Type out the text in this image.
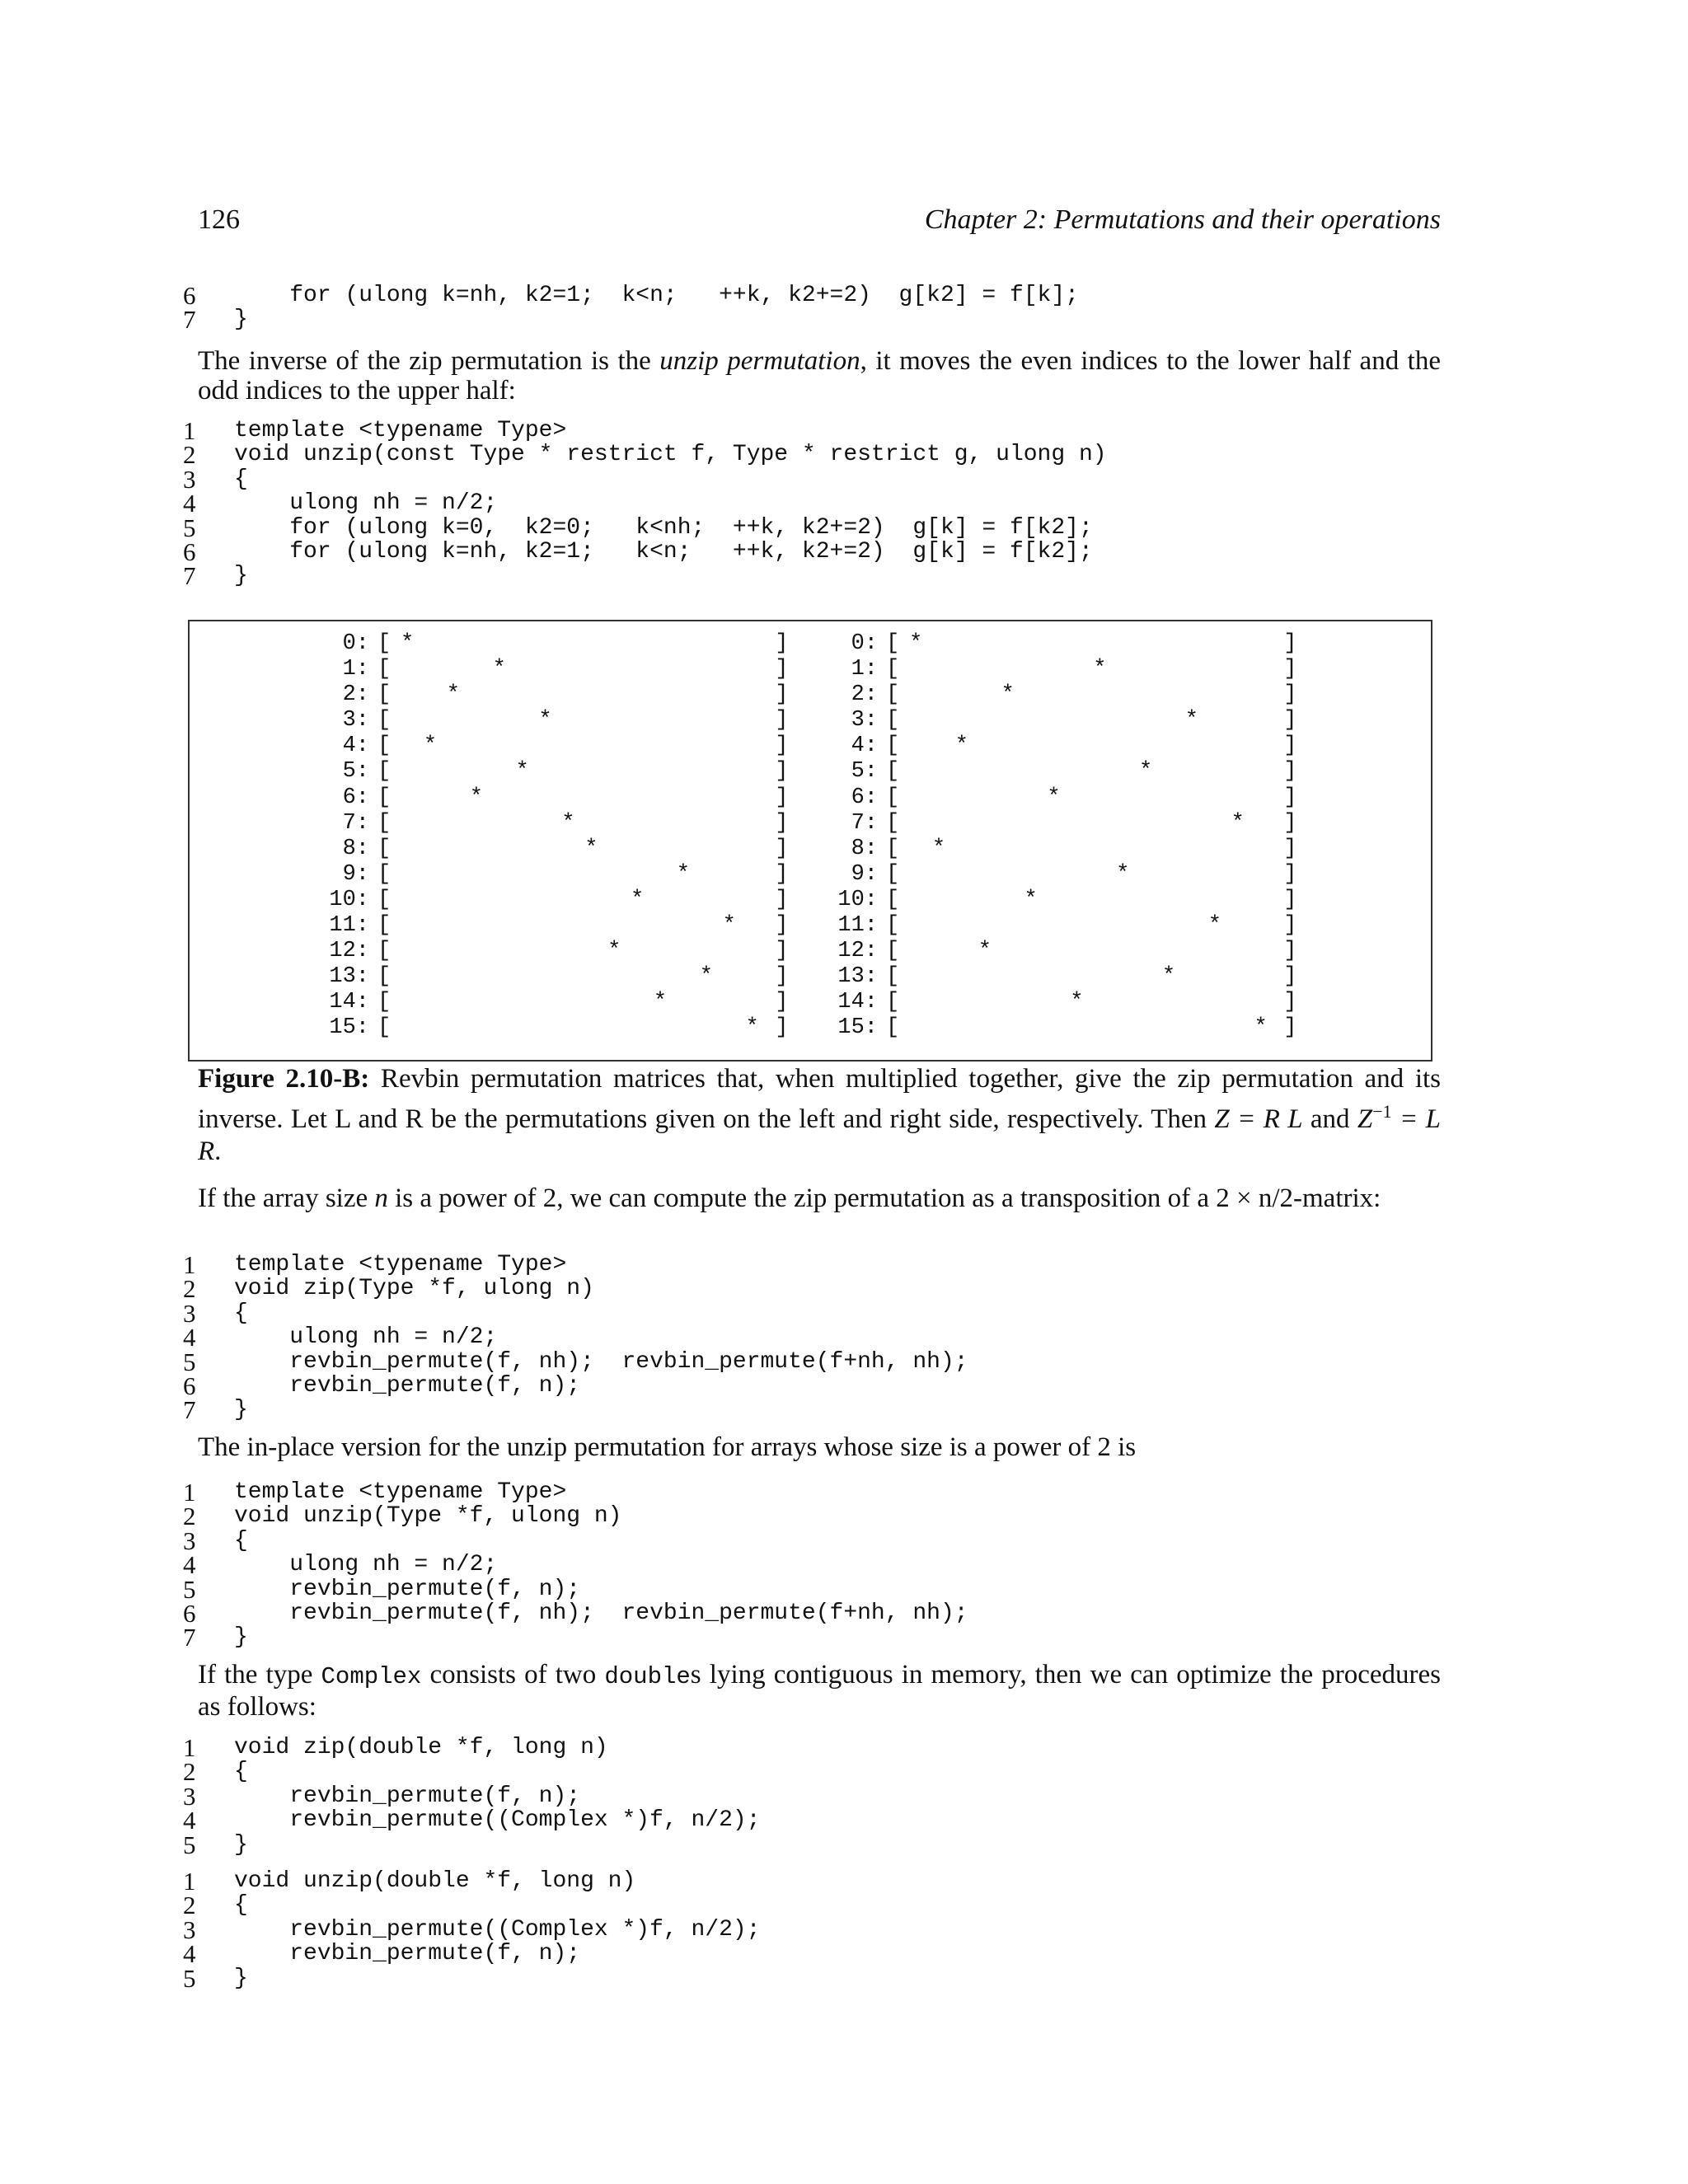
126	Chapter 2: Permutations and their operations
6	for (ulong k=nh, k2=1;  k<n;   ++k, k2+=2)  g[k2] = f[k];
7	}
The inverse of the zip permutation is the unzip permutation, it moves the even indices to the lower half and the odd indices to the upper half:
1	template <typename Type>
2	void unzip(const Type * restrict f, Type * restrict g, ulong n)
3	{
4	ulong nh = n/2;
5	for (ulong k=0,  k2=0;   k<nh;  ++k, k2+=2)  g[k] = f[k2];
6	for (ulong k=nh, k2=1;   k<n;   ++k, k2+=2)  g[k] = f[k2];
7	}
0: [ *	]
1: [	*	]
2: [	*	]
3: [	*	]
4: [ *	]
5: [	*	]
6: [	*	]
7: [	*	]
8: [	*	]
9: [	*	]
10: [	*	]
11: [	* ]
12: [	*	]
13: [	*	]
14: [	*	]
15: [	* ]
0: [ *	]
1: [	*	]
2: [	*	]
3: [	*	]
4: [	*	]
5: [	*	]
6: [	*	]
7: [	* ]
8: [ *	]
9: [	*	]
10: [	*	]
11: [	*	]
12: [	*	]
13: [	*	]
14: [	*	]
15: [	* ]
Figure 2.10-B: Revbin permutation matrices that, when multiplied together, give the zip permutation and its inverse. Let L and R be the permutations given on the left and right side, respectively. Then Z = R L and $Z^{-1} = L$ R.
If the array size n is a power of 2, we can compute the zip permutation as a transposition of a 2 × n/2-matrix:
1	template <typename Type>
2	void zip(Type *f, ulong n)
3	{
4	ulong nh = n/2;
5	revbin_permute(f, nh);  revbin_permute(f+nh, nh);
6	revbin_permute(f, n);
7	}
The in-place version for the unzip permutation for arrays whose size is a power of 2 is
1	template <typename Type>
2	void unzip(Type *f, ulong n)
3	{
4	ulong nh = n/2;
5	revbin_permute(f, n);
6	revbin_permute(f, nh);  revbin_permute(f+nh, nh);
7	}
If the type Complex consists of two doubles lying contiguous in memory, then we can optimize the procedures as follows:
1	void zip(double *f, long n)
2	{
3	revbin_permute(f, n);
4	revbin_permute((Complex *)f, n/2);
5	}
1	void unzip(double *f, long n)
2	{
3	revbin_permute((Complex *)f, n/2);
4	revbin_permute(f, n);
5	}
